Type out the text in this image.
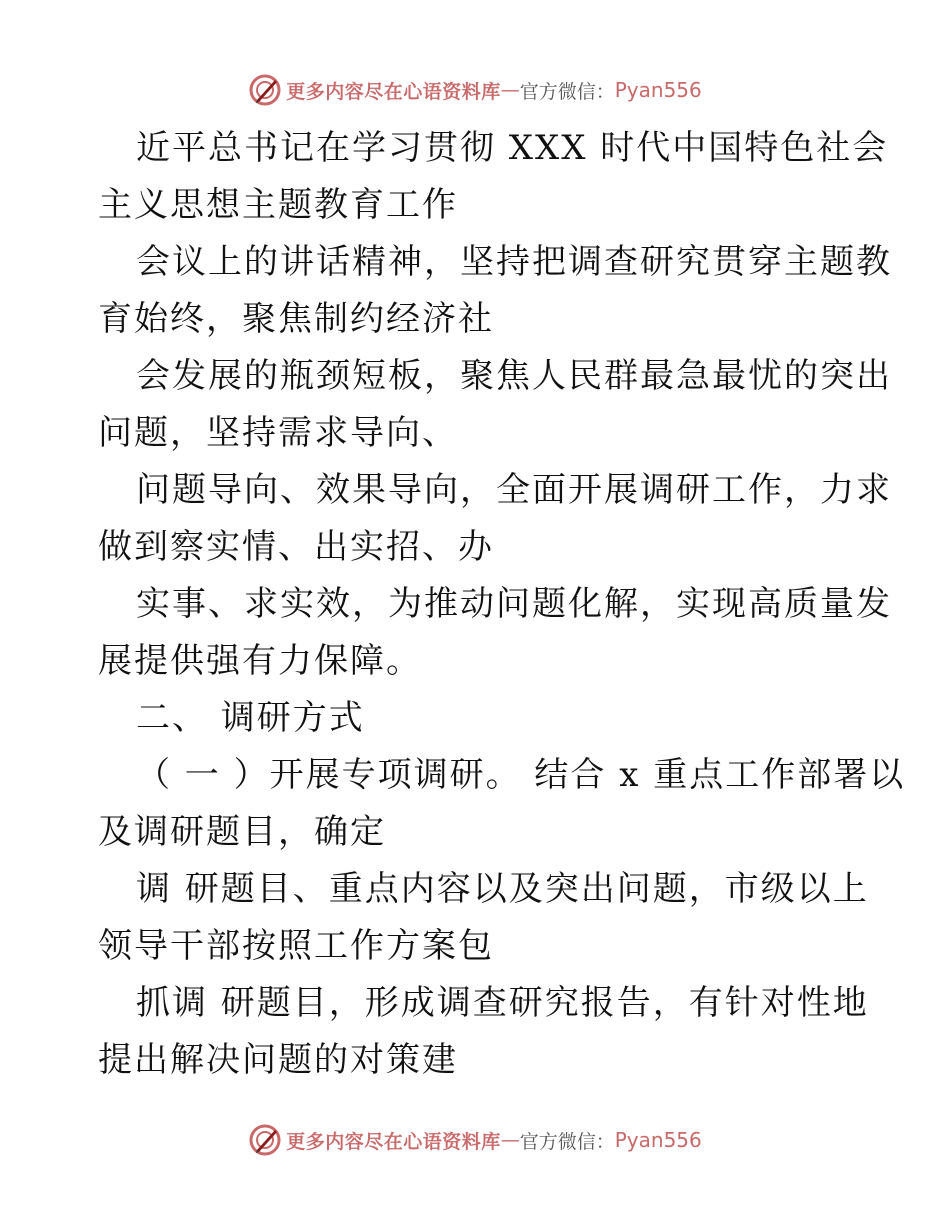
更多内容尽在心语资料库 — 官方微信： Pyan556

近平总书记在学习贯彻 XXX 时代中国特色社会
主义思想主题教育工作

会议上的讲话精神，坚持把调查研究贯穿主题教
育始终，聚焦制约经济社

会发展的瓶颈短板，聚焦人民群最急最忧的突出
问题，坚持需求导向、

问题导向、效果导向，全面开展调研工作，力求
做到察实情、出实招、办

实事、求实效，为推动问题化解，实现高质量发
展提供强有力保障。

二、 调研方式

（ 一 ）开展专项调研。 结合 x 重点工作部署以
及调研题目，确定

调 研题目、重点内容以及突出问题，市级以上
领导干部按照工作方案包

抓调 研题目，形成调查研究报告，有针对性地
提出解决问题的对策建

更多内容尽在心语资料库 — 官方微信： Pyan556
